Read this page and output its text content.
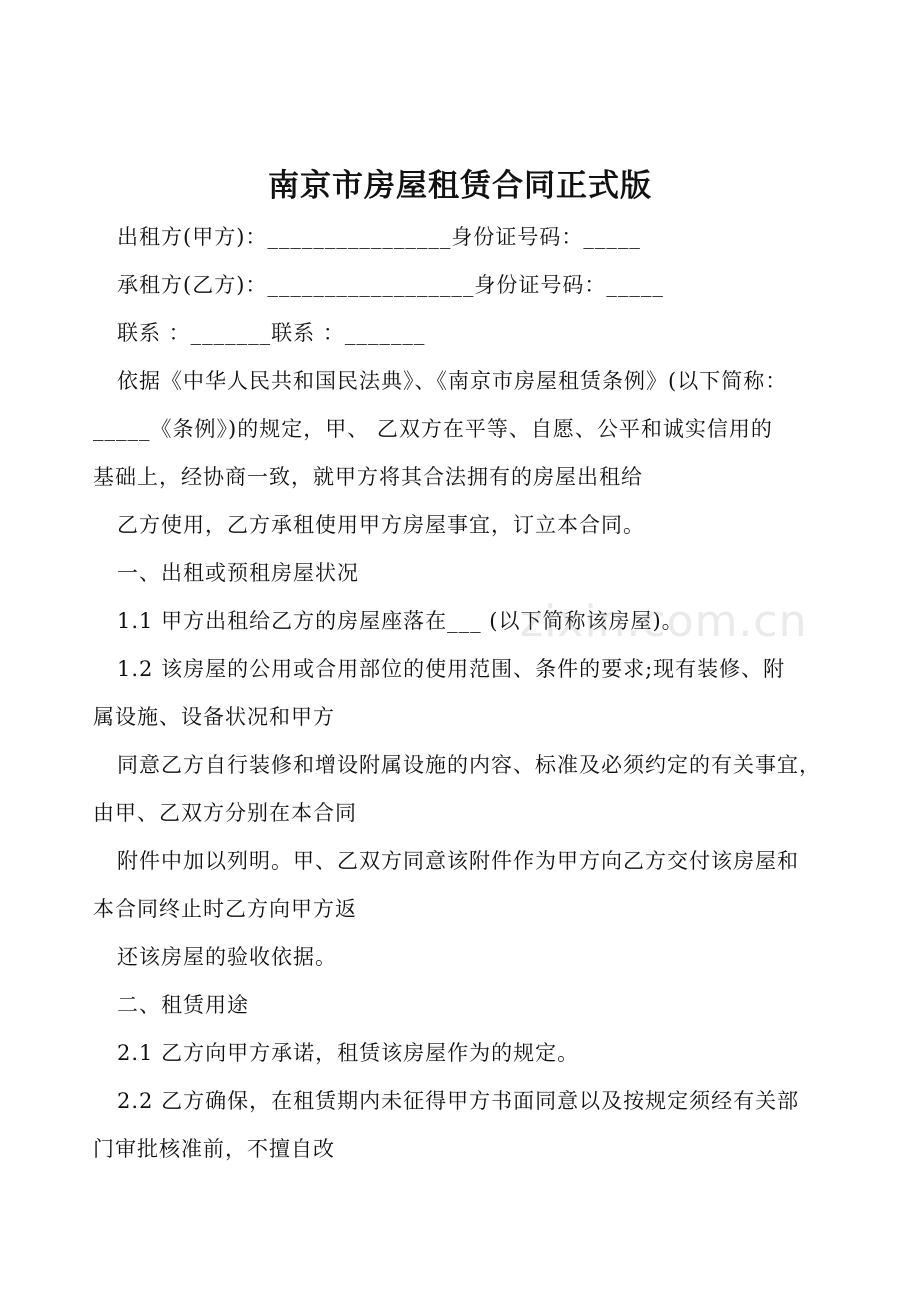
南京市房屋租赁合同正式版
出租方(甲方)：________________身份证号码：_____
承租方(乙方)：__________________身份证号码：_____
联系 ：_______联系 ：_______
依据《中华人民共和国民法典》、《南京市房屋租赁条例》(以下简称：
_____《条例》)的规定，甲、 乙双方在平等、自愿、公平和诚实信用的
基础上，经协商一致，就甲方将其合法拥有的房屋出租给
乙方使用，乙方承租使用甲方房屋事宜，订立本合同。
一、出租或预租房屋状况
1.1 甲方出租给乙方的房屋座落在___ (以下简称该房屋)。
1.2 该房屋的公用或合用部位的使用范围、条件的要求;现有装修、附
属设施、设备状况和甲方
同意乙方自行装修和增设附属设施的内容、标准及必须约定的有关事宜，
由甲、乙双方分别在本合同
附件中加以列明。甲、乙双方同意该附件作为甲方向乙方交付该房屋和
本合同终止时乙方向甲方返
还该房屋的验收依据。
二、租赁用途
2.1 乙方向甲方承诺，租赁该房屋作为的规定。
2.2 乙方确保，在租赁期内未征得甲方书面同意以及按规定须经有关部
门审批核准前，不擅自改
zixin.com.cn
